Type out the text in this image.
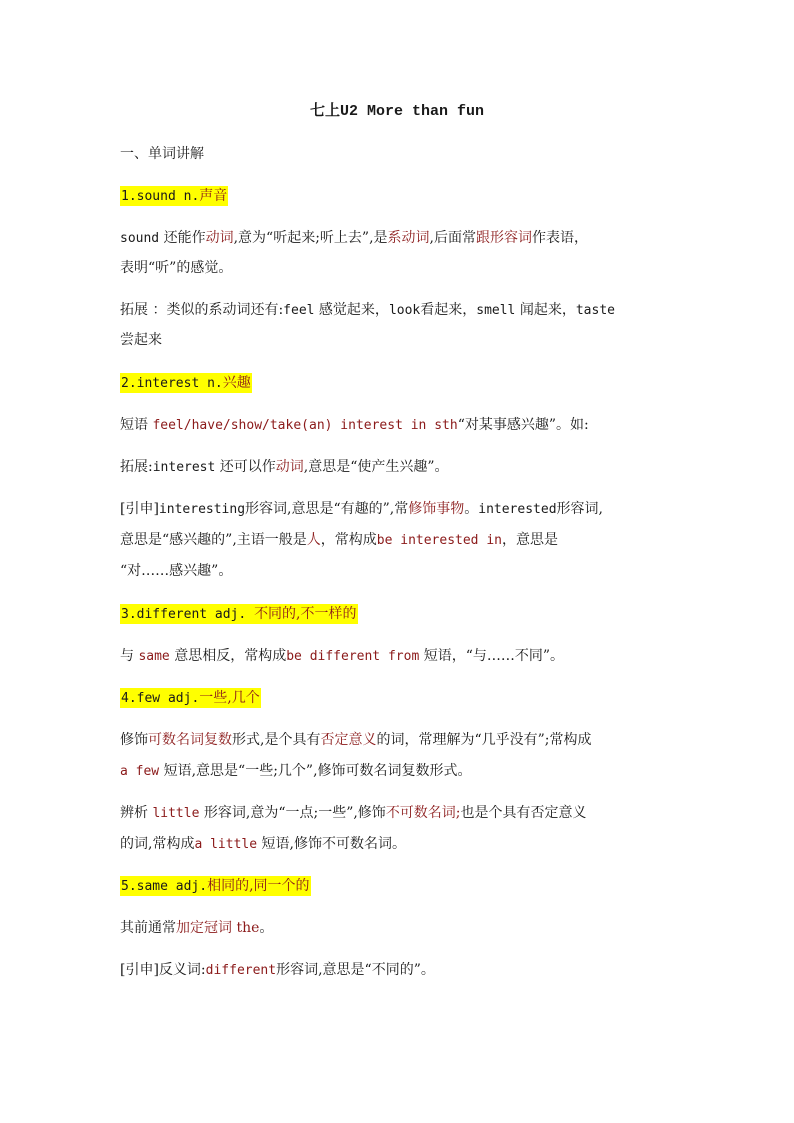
七上U2 More than fun
一、单词讲解
1.sound n.声音
sound 还能作动词,意为“听起来;听上去”,是系动词,后面常跟形容词作表语，
表明“听”的感觉。
拓展 ：类似的系动词还有:feel 感觉起来，look看起来，smell 闻起来，taste
尝起来
2.interest n.兴趣
短语 feel/have/show/take(an) interest in sth“对某事感兴趣”。如:
拓展:interest 还可以作动词,意思是“使产生兴趣”。
[引申]interesting形容词,意思是“有趣的”,常修饰事物。interested形容词,
意思是“感兴趣的”,主语一般是人，常构成be interested in，意思是
“对……感兴趣”。
3.different adj. 不同的,不一样的
与 same 意思相反，常构成be different from 短语，“与……不同”。
4.few adj.一些,几个
修饰可数名词复数形式,是个具有否定意义的词，常理解为“几乎没有”;常构成
a few 短语,意思是“一些;几个”,修饰可数名词复数形式。
辨析 little 形容词,意为“一点;一些”,修饰不可数名词;也是个具有否定意义
的词,常构成a little 短语,修饰不可数名词。
5.same adj.相同的,同一个的
其前通常加定冠词 the。
[引申]反义词:different形容词,意思是“不同的”。
